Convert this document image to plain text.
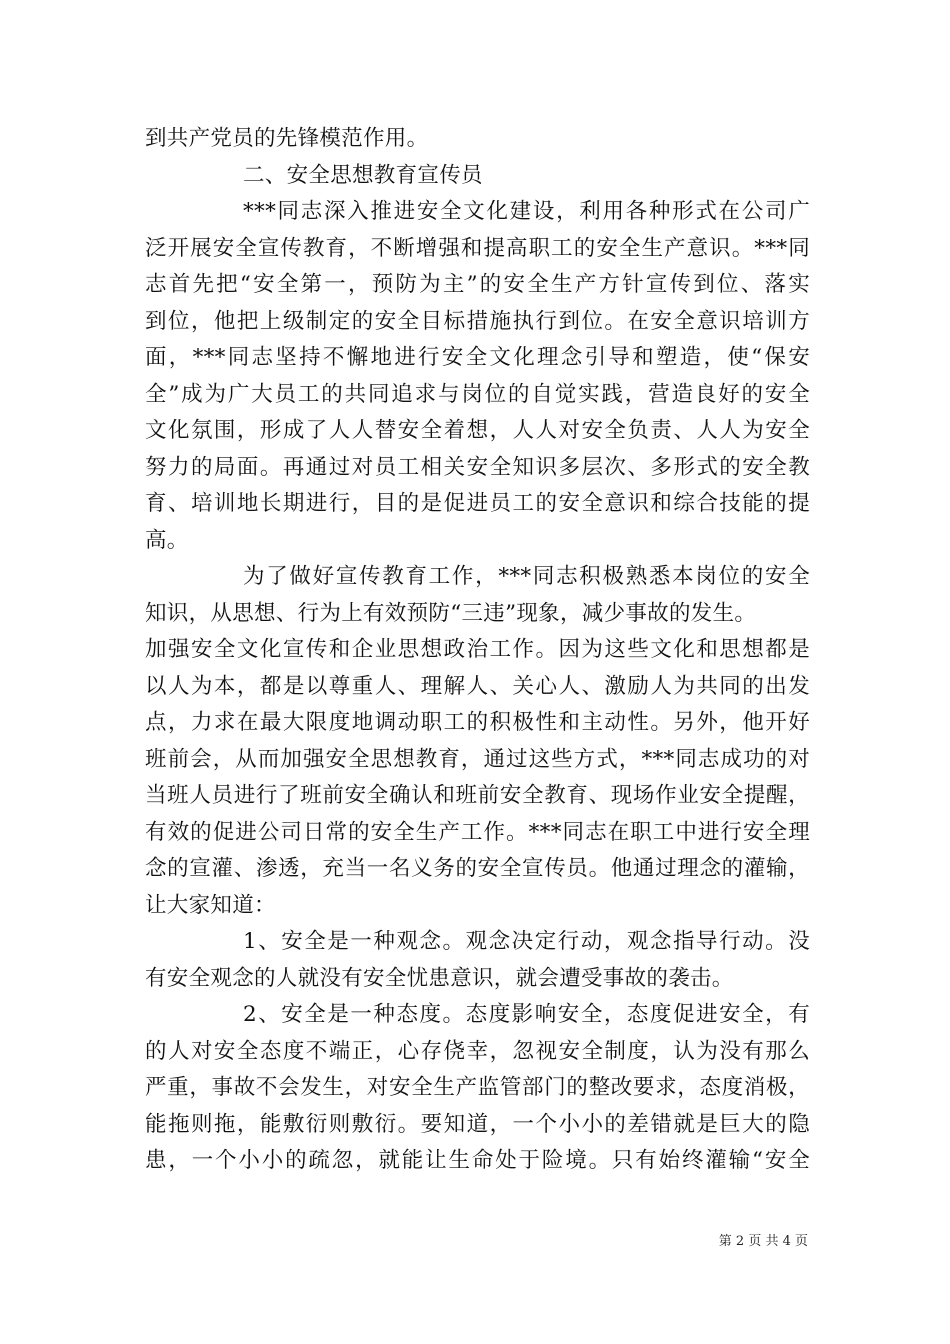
到共产党员的先锋模范作用。
二、安全思想教育宣传员
***同志深入推进安全文化建设，利用各种形式在公司广
泛开展安全宣传教育，不断增强和提高职工的安全生产意识。***同
志首先把“安全第一，预防为主”的安全生产方针宣传到位、落实
到位，他把上级制定的安全目标措施执行到位。在安全意识培训方
面，***同志坚持不懈地进行安全文化理念引导和塑造，使“保安
全”成为广大员工的共同追求与岗位的自觉实践，营造良好的安全
文化氛围，形成了人人替安全着想，人人对安全负责、人人为安全
努力的局面。再通过对员工相关安全知识多层次、多形式的安全教
育、培训地长期进行，目的是促进员工的安全意识和综合技能的提
高。
为了做好宣传教育工作，***同志积极熟悉本岗位的安全
知识，从思想、行为上有效预防“三违”现象，减少事故的发生。
加强安全文化宣传和企业思想政治工作。因为这些文化和思想都是
以人为本，都是以尊重人、理解人、关心人、激励人为共同的出发
点，力求在最大限度地调动职工的积极性和主动性。另外，他开好
班前会，从而加强安全思想教育，通过这些方式，***同志成功的对
当班人员进行了班前安全确认和班前安全教育、现场作业安全提醒，
有效的促进公司日常的安全生产工作。***同志在职工中进行安全理
念的宣灌、渗透，充当一名义务的安全宣传员。他通过理念的灌输，
让大家知道：
1、安全是一种观念。观念决定行动，观念指导行动。没
有安全观念的人就没有安全忧患意识，就会遭受事故的袭击。
2、安全是一种态度。态度影响安全，态度促进安全，有
的人对安全态度不端正，心存侥幸，忽视安全制度，认为没有那么
严重，事故不会发生，对安全生产监管部门的整改要求，态度消极，
能拖则拖，能敷衍则敷衍。要知道，一个小小的差错就是巨大的隐
患，一个小小的疏忽，就能让生命处于险境。只有始终灌输“安全
第 2 页 共 4 页
